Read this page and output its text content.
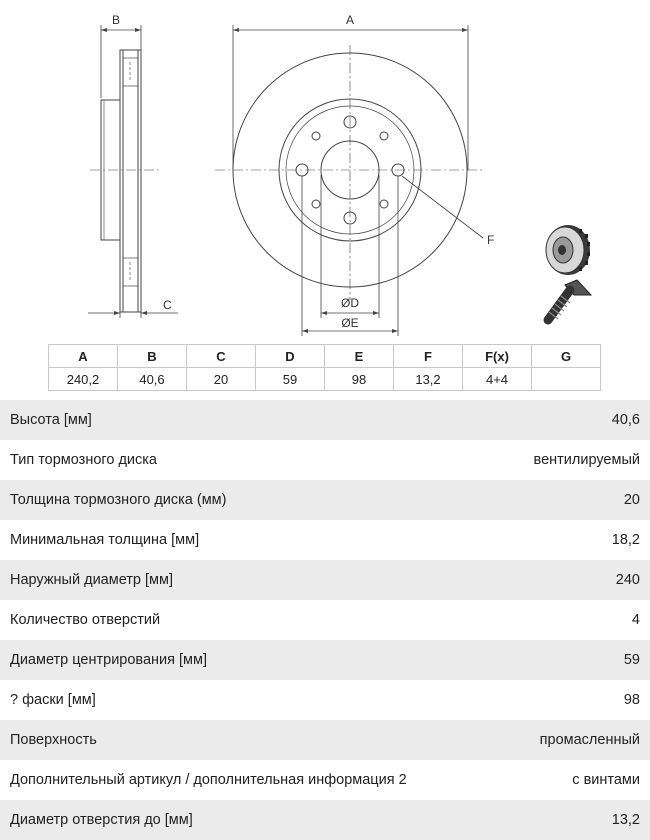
B	A
C
F
ØD
ØE
A	B	C	D	E	F	F(x)	G
240,2	40,6	20	59	98	13,2	4+4	
Высота [мм]	40,6
Тип тормозного диска	вентилируемый
Толщина тормозного диска (мм)	20
Минимальная толщина [мм]	18,2
Наружный диаметр [мм]	240
Количество отверстий	4
Диаметр центрирования [мм]	59
? фаски [мм]	98
Поверхность	промасленный
Дополнительный артикул / дополнительная информация 2	с винтами
Диаметр отверстия до [мм]	13,2
